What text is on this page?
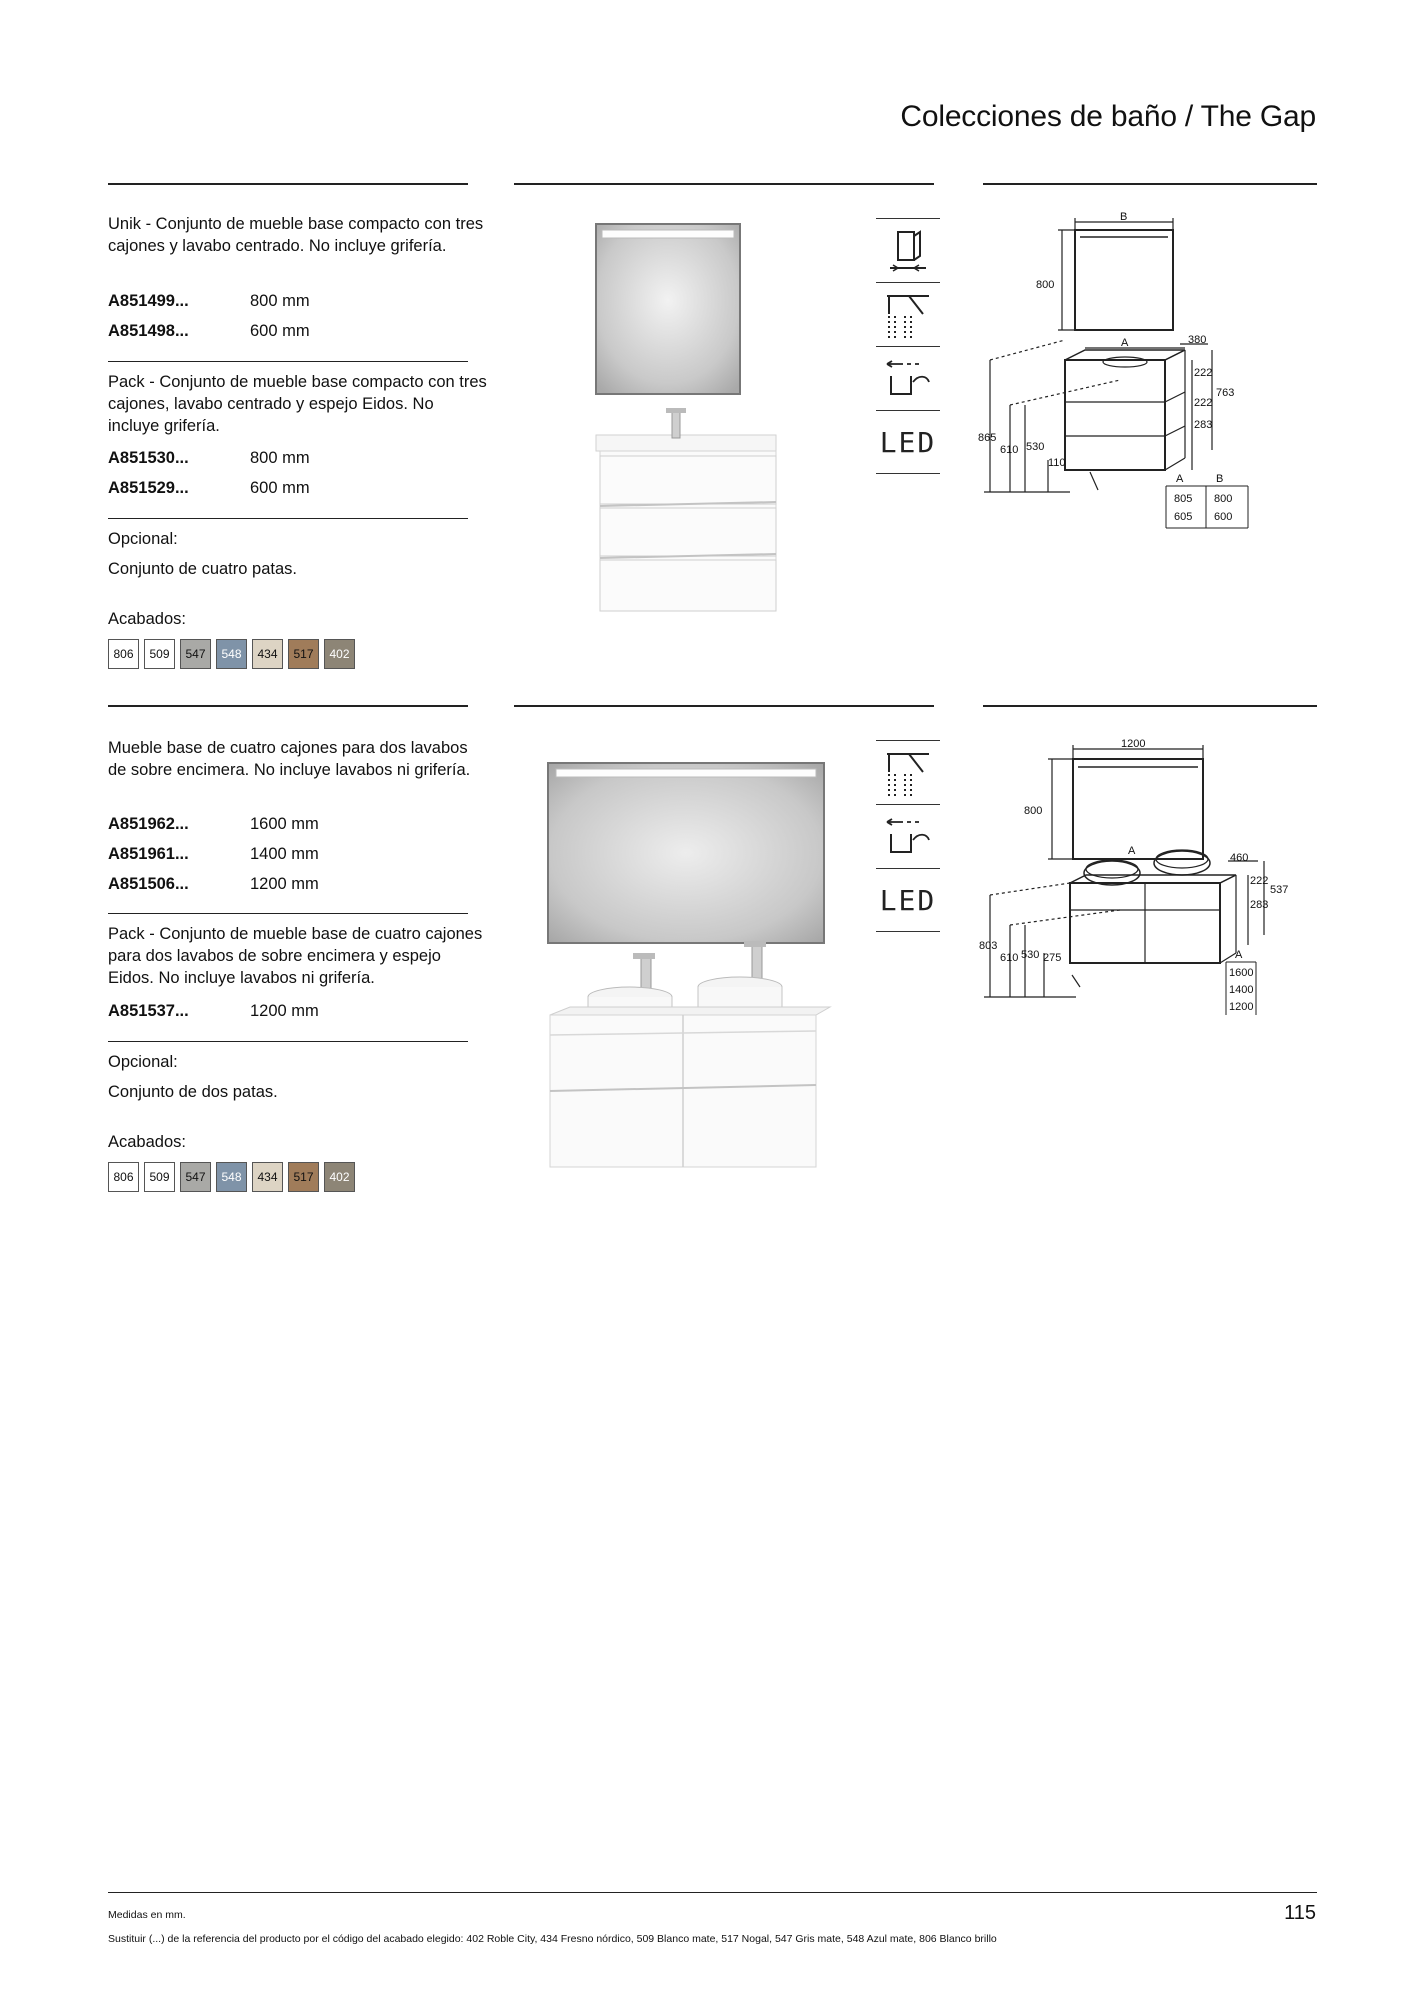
Colecciones de baño / The Gap
Unik - Conjunto de mueble base compacto con tres cajones y lavabo centrado. No incluye grifería.
A851499...	800 mm
A851498...	600 mm
Pack - Conjunto de mueble base compacto con tres cajones, lavabo centrado y espejo Eidos. No incluye grifería.
A851530...	800 mm
A851529...	600 mm
Opcional:
Conjunto de cuatro patas.
Acabados:
806 509 547 548 434 517 402
LED
B
800
A	380
222
222
763
283
865
610 530
110
A	B
805 800
605 600
Mueble base de cuatro cajones para dos lavabos de sobre encimera. No incluye lavabos ni grifería.
A851962...	1600 mm
A851961...	1400 mm
A851506...	1200 mm
Pack - Conjunto de mueble base de cuatro cajones para dos lavabos de sobre encimera y espejo Eidos. No incluye lavabos ni grifería.
A851537...	1200 mm
Opcional:
Conjunto de dos patas.
Acabados:
806 509 547 548 434 517 402
LED
1200
800
A
460
222
537
283
803
610 530 275	A
1600
1400
1200
Medidas en mm.
Sustituir (...) de la referencia del producto por el código del acabado elegido: 402 Roble City, 434 Fresno nórdico, 509 Blanco mate, 517 Nogal, 547 Gris mate, 548 Azul mate, 806 Blanco brillo
115
